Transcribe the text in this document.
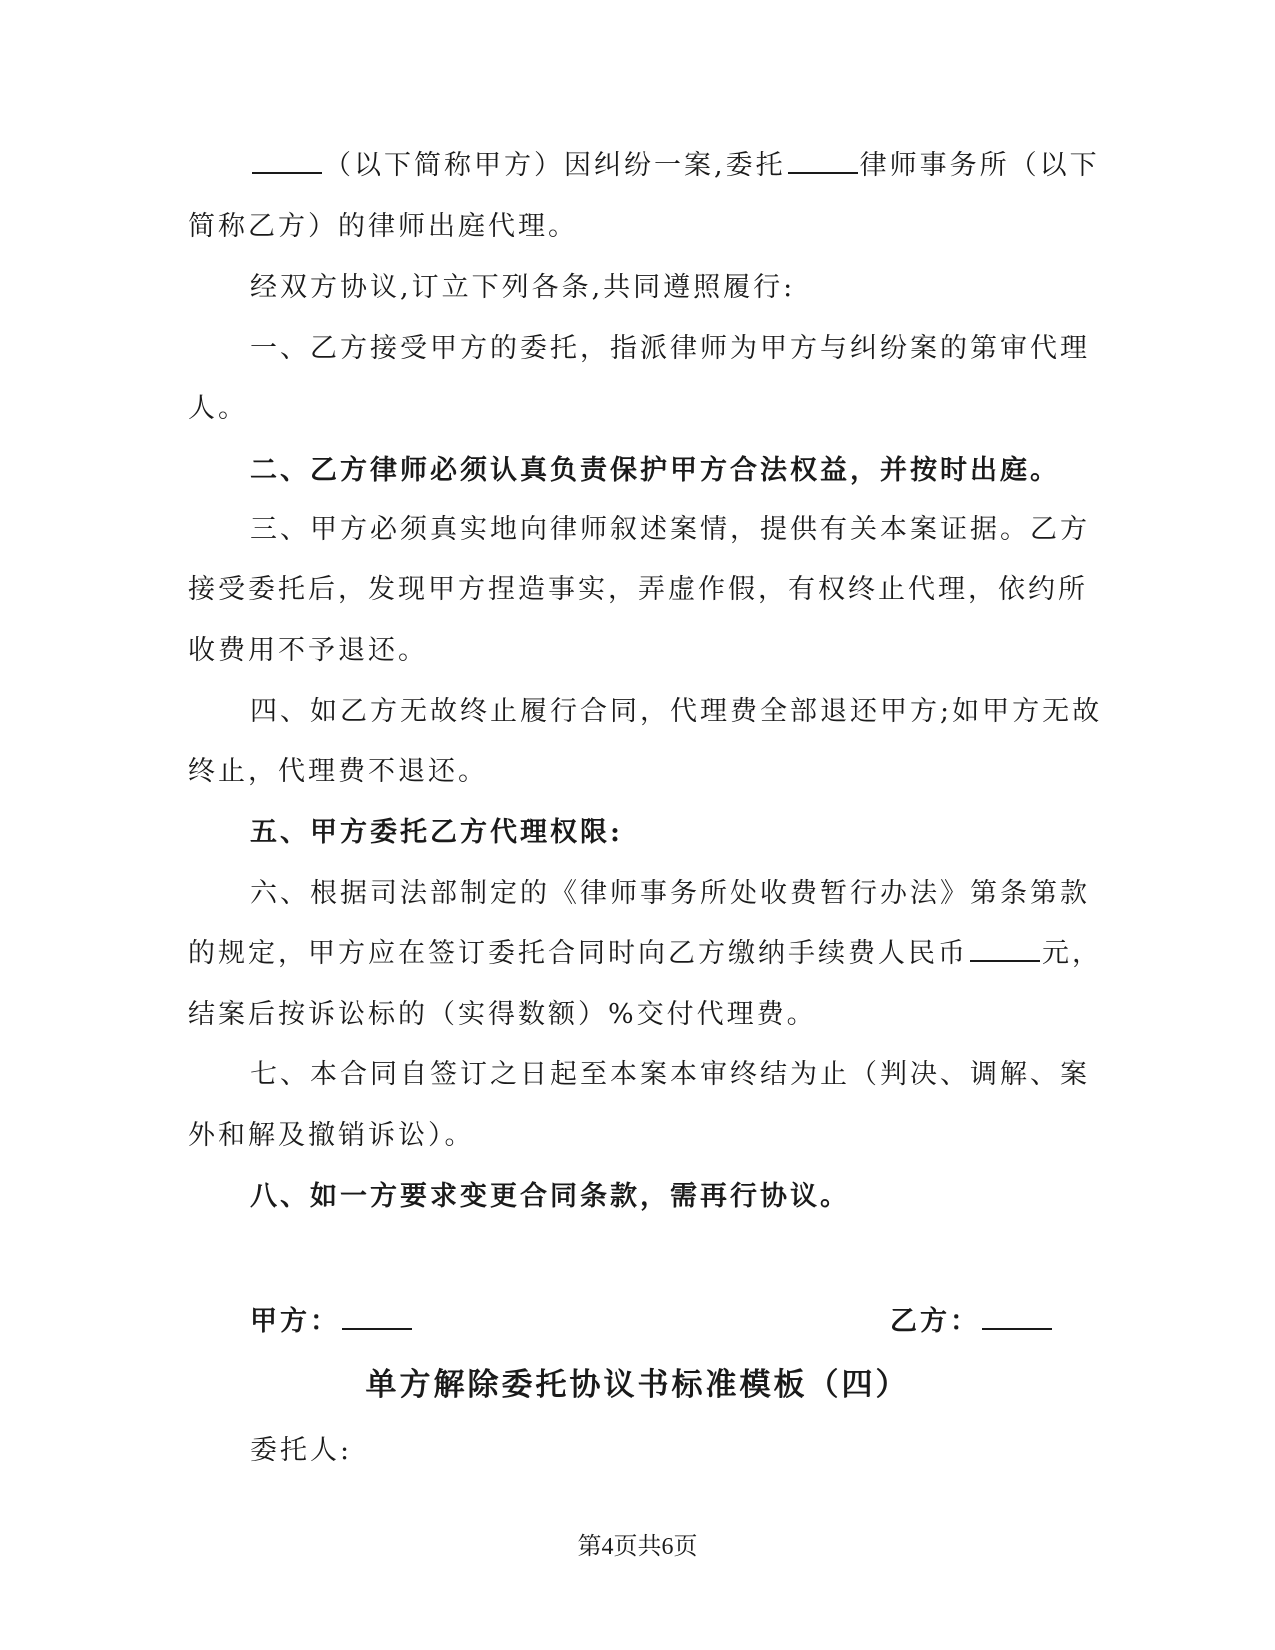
（以下简称甲方）因纠纷一案,委托	律师事务所（以下
简称乙方）的律师出庭代理。
经双方协议,订立下列各条,共同遵照履行:
一、乙方接受甲方的委托，指派律师为甲方与纠纷案的第审代理
人。
二、乙方律师必须认真负责保护甲方合法权益，并按时出庭。
三、甲方必须真实地向律师叙述案情，提供有关本案证据。乙方
接受委托后，发现甲方捏造事实，弄虚作假，有权终止代理，依约所
收费用不予退还。
四、如乙方无故终止履行合同，代理费全部退还甲方;如甲方无故
终止，代理费不退还。
五、甲方委托乙方代理权限:
六、根据司法部制定的《律师事务所处收费暂行办法》第条第款
的规定，甲方应在签订委托合同时向乙方缴纳手续费人民币	元，
结案后按诉讼标的（实得数额）%交付代理费。
七、本合同自签订之日起至本案本审终结为止（判决、调解、案
外和解及撤销诉讼）。
八、如一方要求变更合同条款，需再行协议。
甲方：	乙方：
单方解除委托协议书标准模板（四）
委托人:
第4页共6页
